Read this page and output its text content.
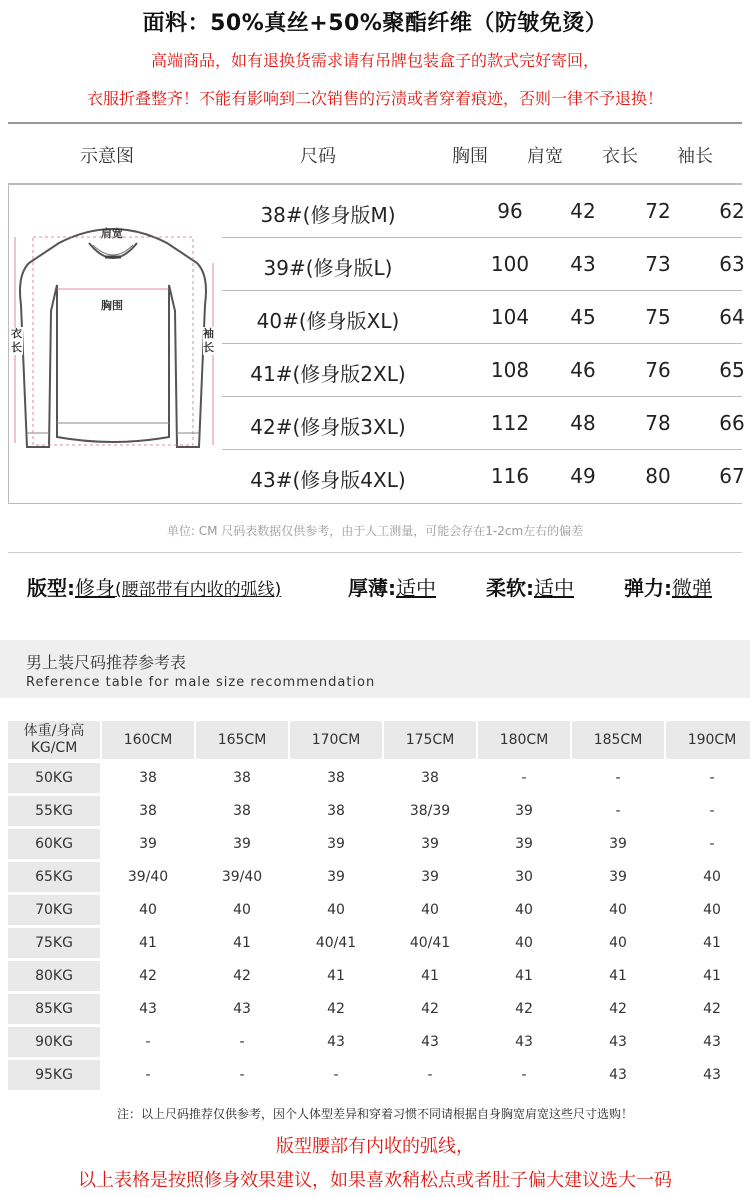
面料：50%真丝+50%聚酯纤维（防皱免烫）
高端商品，如有退换货需求请有吊牌包装盒子的款式完好寄回，
衣服折叠整齐！不能有影响到二次销售的污渍或者穿着痕迹，否则一律不予退换！
示意图	尺码	胸围 肩宽 衣长 袖长
肩宽
胸围
衣长
袖长
38#(修身版M)	96	42	72	62
39#(修身版L)	100	43	73	63
40#(修身版XL)	104	45	75	64
41#(修身版2XL)	108	46	76	65
42#(修身版3XL)	112	48	78	66
43#(修身版4XL)	116	49	80	67
单位: CM 尺码表数据仅供参考，由于人工测量，可能会存在1-2cm左右的偏差
版型:修身(腰部带有内收的弧线)	厚薄:适中	柔软:适中	弹力:微弹
男上装尺码推荐参考表
Reference table for male size recommendation
体重/身高
KG/CM	160CM	165CM	170CM	175CM	180CM	185CM	190CM
50KG	38	38	38	38	-	-	-
55KG	38	38	38	38/39	39	-	-
60KG	39	39	39	39	39	39	-
65KG	39/40	39/40	39	39	30	39	40
70KG	40	40	40	40	40	40	40
75KG	41	41	40/41	40/41	40	40	41
80KG	42	42	41	41	41	41	41
85KG	43	43	42	42	42	42	42
90KG	-	-	43	43	43	43	43
95KG	-	-	-	-	-	43	43
注：以上尺码推荐仅供参考，因个人体型差异和穿着习惯不同请根据自身胸宽肩宽这些尺寸选购！
版型腰部有内收的弧线，
以上表格是按照修身效果建议，如果喜欢稍松点或者肚子偏大建议选大一码
